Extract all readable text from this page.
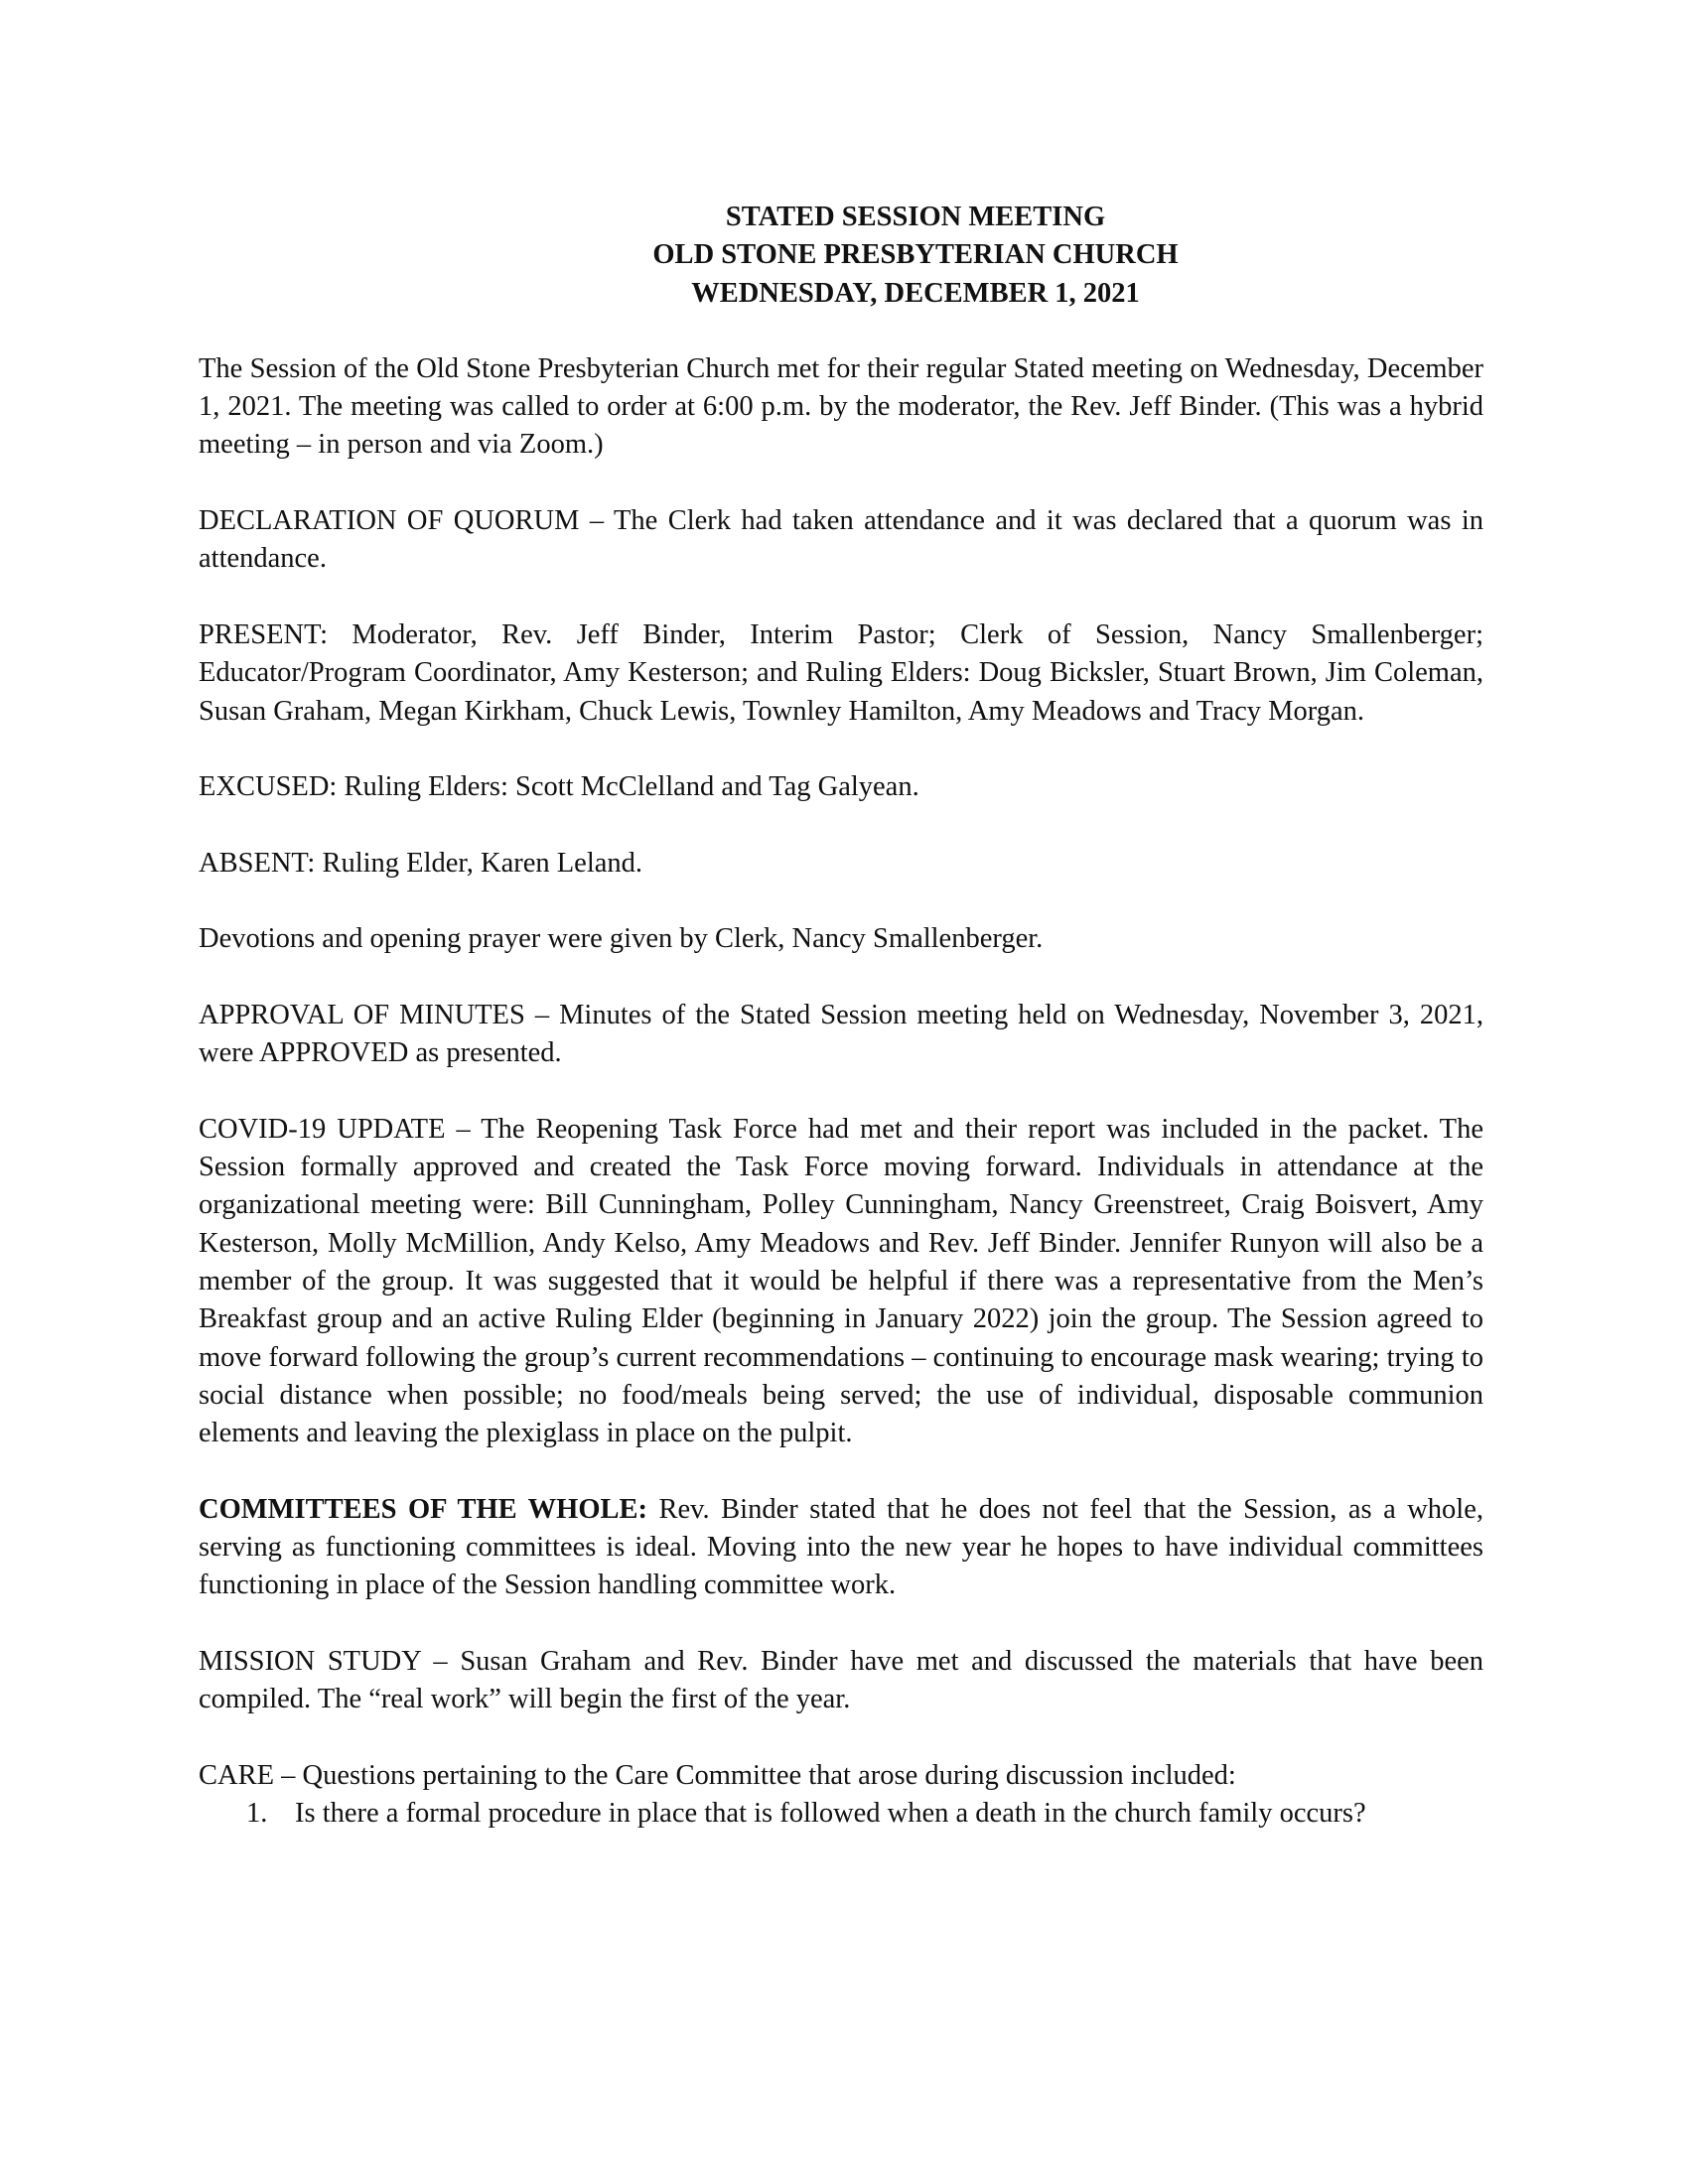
STATED SESSION MEETING
OLD STONE PRESBYTERIAN CHURCH
WEDNESDAY, DECEMBER 1, 2021

The Session of the Old Stone Presbyterian Church met for their regular Stated meeting on Wednesday, December 1, 2021. The meeting was called to order at 6:00 p.m. by the moderator, the Rev. Jeff Binder. (This was a hybrid meeting – in person and via Zoom.)

DECLARATION OF QUORUM – The Clerk had taken attendance and it was declared that a quorum was in attendance.

PRESENT: Moderator, Rev. Jeff Binder, Interim Pastor; Clerk of Session, Nancy Smallenberger; Educator/Program Coordinator, Amy Kesterson; and Ruling Elders: Doug Bicksler, Stuart Brown, Jim Coleman, Susan Graham, Megan Kirkham, Chuck Lewis, Townley Hamilton, Amy Meadows and Tracy Morgan.

EXCUSED: Ruling Elders: Scott McClelland and Tag Galyean.

ABSENT: Ruling Elder, Karen Leland.

Devotions and opening prayer were given by Clerk, Nancy Smallenberger.

APPROVAL OF MINUTES – Minutes of the Stated Session meeting held on Wednesday, November 3, 2021, were APPROVED as presented.

COVID-19 UPDATE – The Reopening Task Force had met and their report was included in the packet. The Session formally approved and created the Task Force moving forward. Individuals in attendance at the organizational meeting were: Bill Cunningham, Polley Cunningham, Nancy Greenstreet, Craig Boisvert, Amy Kesterson, Molly McMillion, Andy Kelso, Amy Meadows and Rev. Jeff Binder. Jennifer Runyon will also be a member of the group. It was suggested that it would be helpful if there was a representative from the Men’s Breakfast group and an active Ruling Elder (beginning in January 2022) join the group. The Session agreed to move forward following the group’s current recommendations – continuing to encourage mask wearing; trying to social distance when possible; no food/meals being served; the use of individual, disposable communion elements and leaving the plexiglass in place on the pulpit.

COMMITTEES OF THE WHOLE: Rev. Binder stated that he does not feel that the Session, as a whole, serving as functioning committees is ideal. Moving into the new year he hopes to have individual committees functioning in place of the Session handling committee work.

MISSION STUDY – Susan Graham and Rev. Binder have met and discussed the materials that have been compiled. The “real work” will begin the first of the year.

CARE – Questions pertaining to the Care Committee that arose during discussion included:

1. Is there a formal procedure in place that is followed when a death in the church family occurs?
